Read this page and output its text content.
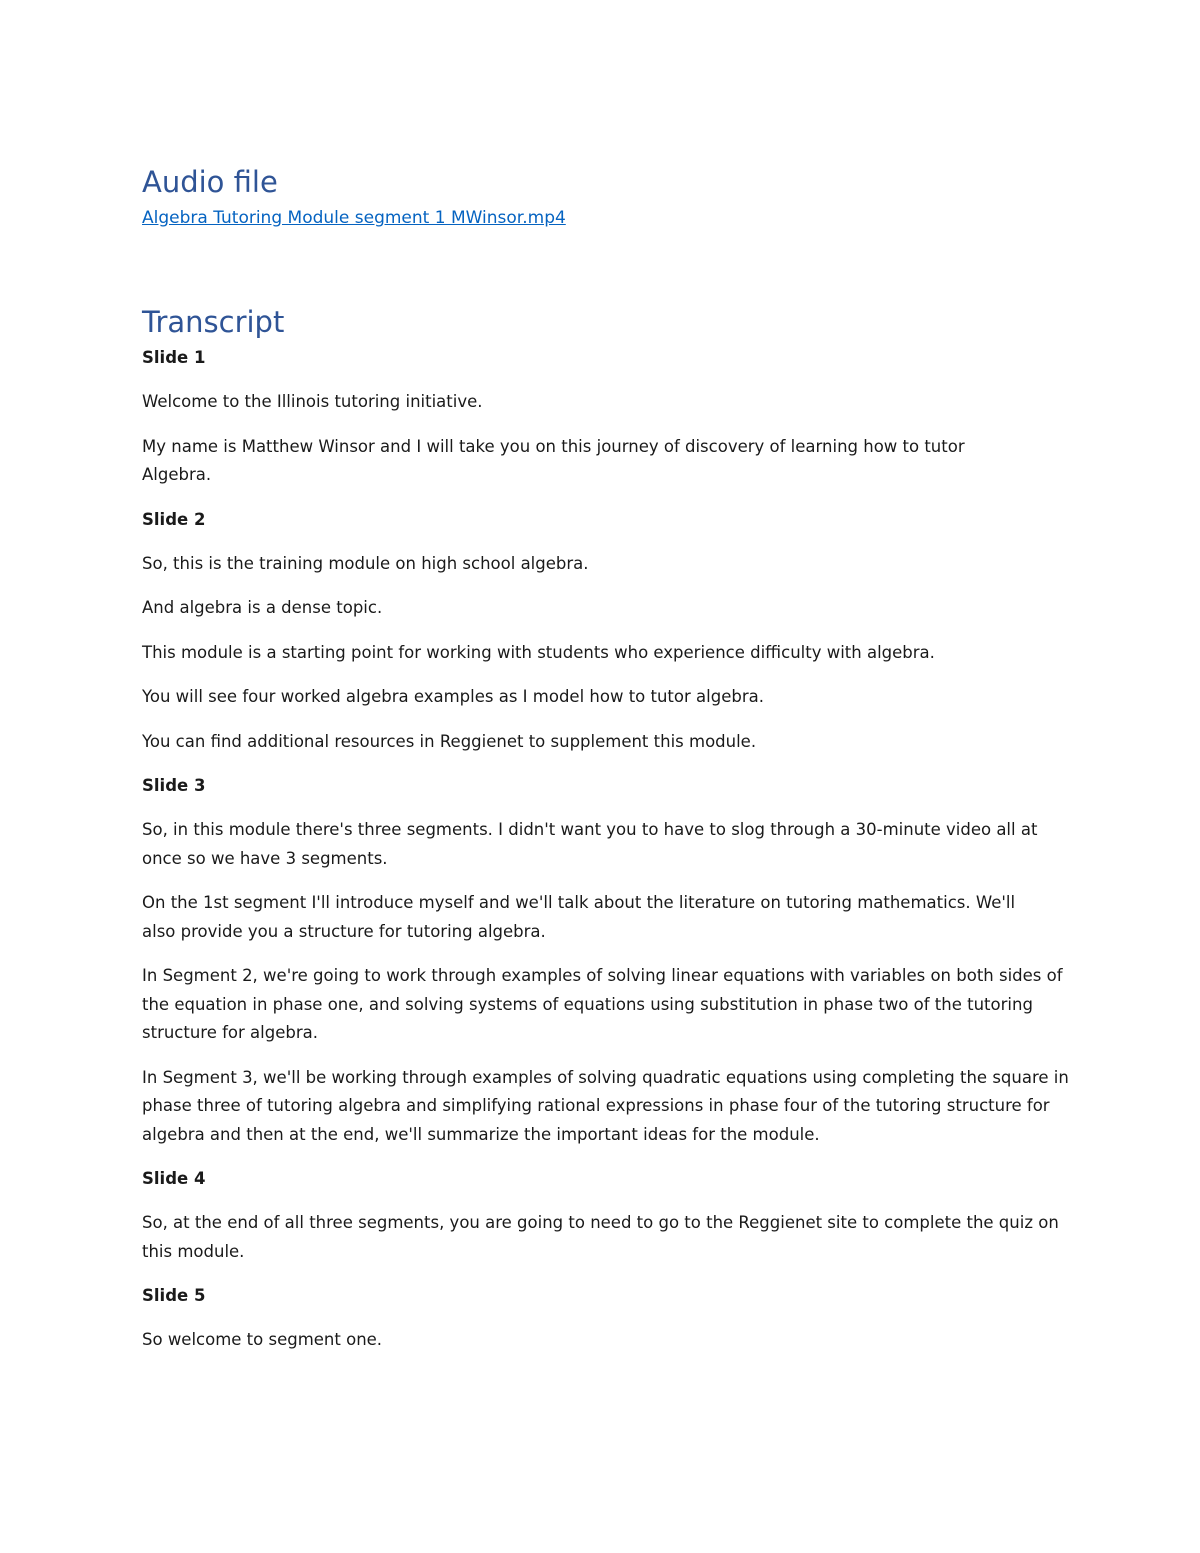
Audio file
Algebra Tutoring Module segment 1 MWinsor.mp4
Transcript
Slide 1
Welcome to the Illinois tutoring initiative.
My name is Matthew Winsor and I will take you on this journey of discovery of learning how to tutor Algebra.
Slide 2
So, this is the training module on high school algebra.
And algebra is a dense topic.
This module is a starting point for working with students who experience difficulty with algebra.
You will see four worked algebra examples as I model how to tutor algebra.
You can find additional resources in Reggienet to supplement this module.
Slide 3
So, in this module there's three segments. I didn't want you to have to slog through a 30-minute video all at once so we have 3 segments.
On the 1st segment I'll introduce myself and we'll talk about the literature on tutoring mathematics. We'll also provide you a structure for tutoring algebra.
In Segment 2, we're going to work through examples of solving linear equations with variables on both sides of the equation in phase one, and solving systems of equations using substitution in phase two of the tutoring structure for algebra.
In Segment 3, we'll be working through examples of solving quadratic equations using completing the square in phase three of tutoring algebra and simplifying rational expressions in phase four of the tutoring structure for algebra and then at the end, we'll summarize the important ideas for the module.
Slide 4
So, at the end of all three segments, you are going to need to go to the Reggienet site to complete the quiz on this module.
Slide 5
So welcome to segment one.
